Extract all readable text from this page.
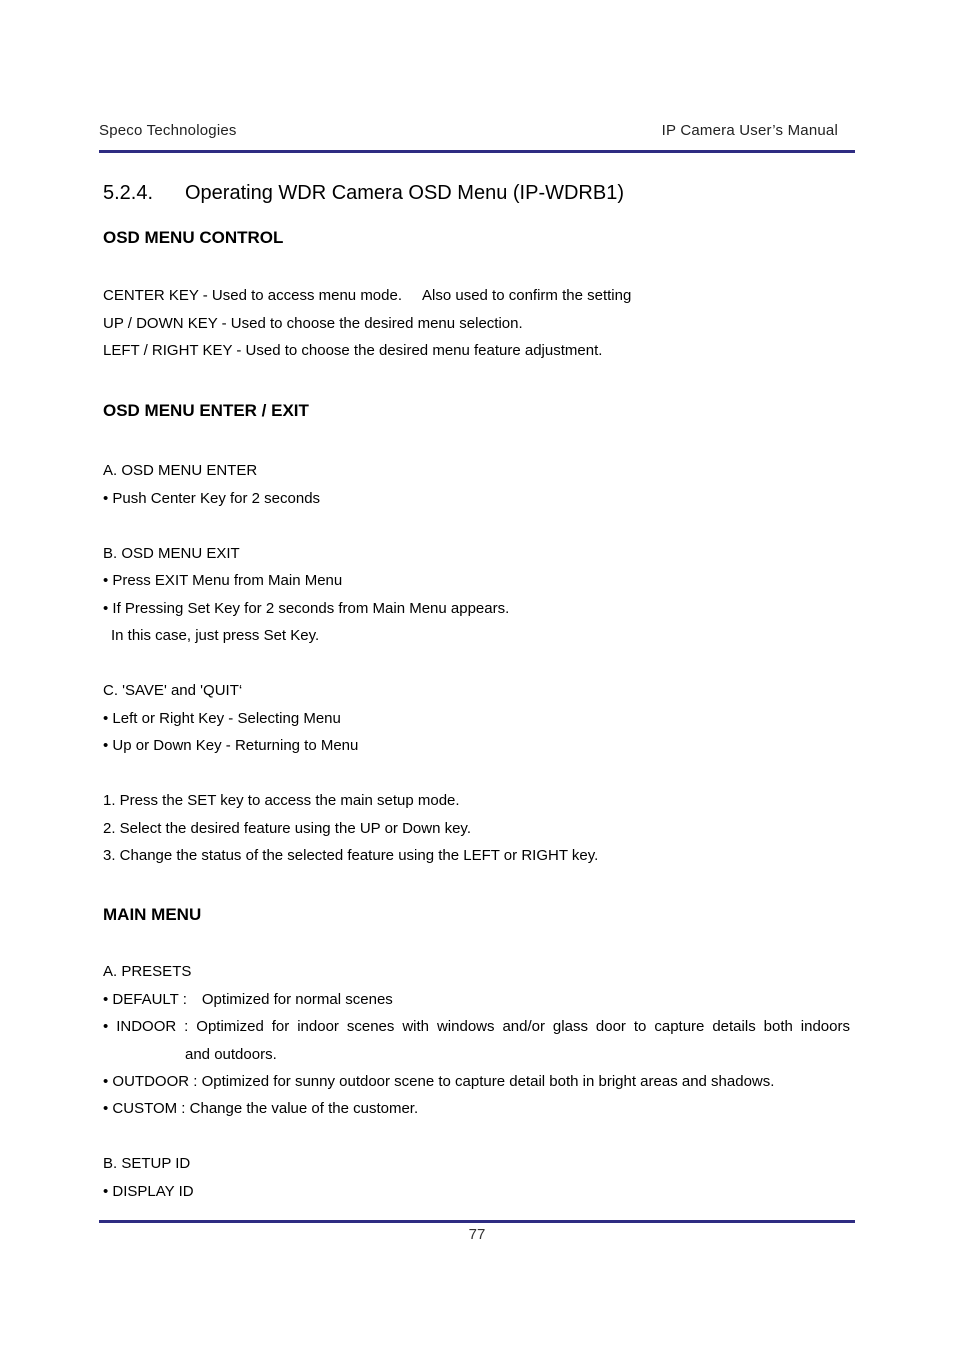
Speco Technologies	IP Camera User’s Manual
5.2.4. Operating WDR Camera OSD Menu (IP-WDRB1)
OSD MENU CONTROL
CENTER KEY - Used to access menu mode. Also used to confirm the setting
UP / DOWN KEY - Used to choose the desired menu selection.
LEFT / RIGHT KEY - Used to choose the desired menu feature adjustment.
OSD MENU ENTER / EXIT
A. OSD MENU ENTER
• Push Center Key for 2 seconds
B. OSD MENU EXIT
• Press EXIT Menu from Main Menu
• If Pressing Set Key for 2 seconds from Main Menu appears.
In this case, just press Set Key.
C. 'SAVE' and 'QUIT‘
• Left or Right Key - Selecting Menu
• Up or Down Key - Returning to Menu
1. Press the SET key to access the main setup mode.
2. Select the desired feature using the UP or Down key.
3. Change the status of the selected feature using the LEFT or RIGHT key.
MAIN MENU
A. PRESETS
• DEFAULT : Optimized for normal scenes
• INDOOR : Optimized for indoor scenes with windows and/or glass door to capture details both indoors
and outdoors.
• OUTDOOR : Optimized for sunny outdoor scene to capture detail both in bright areas and shadows.
• CUSTOM : Change the value of the customer.
B. SETUP ID
• DISPLAY ID
77
